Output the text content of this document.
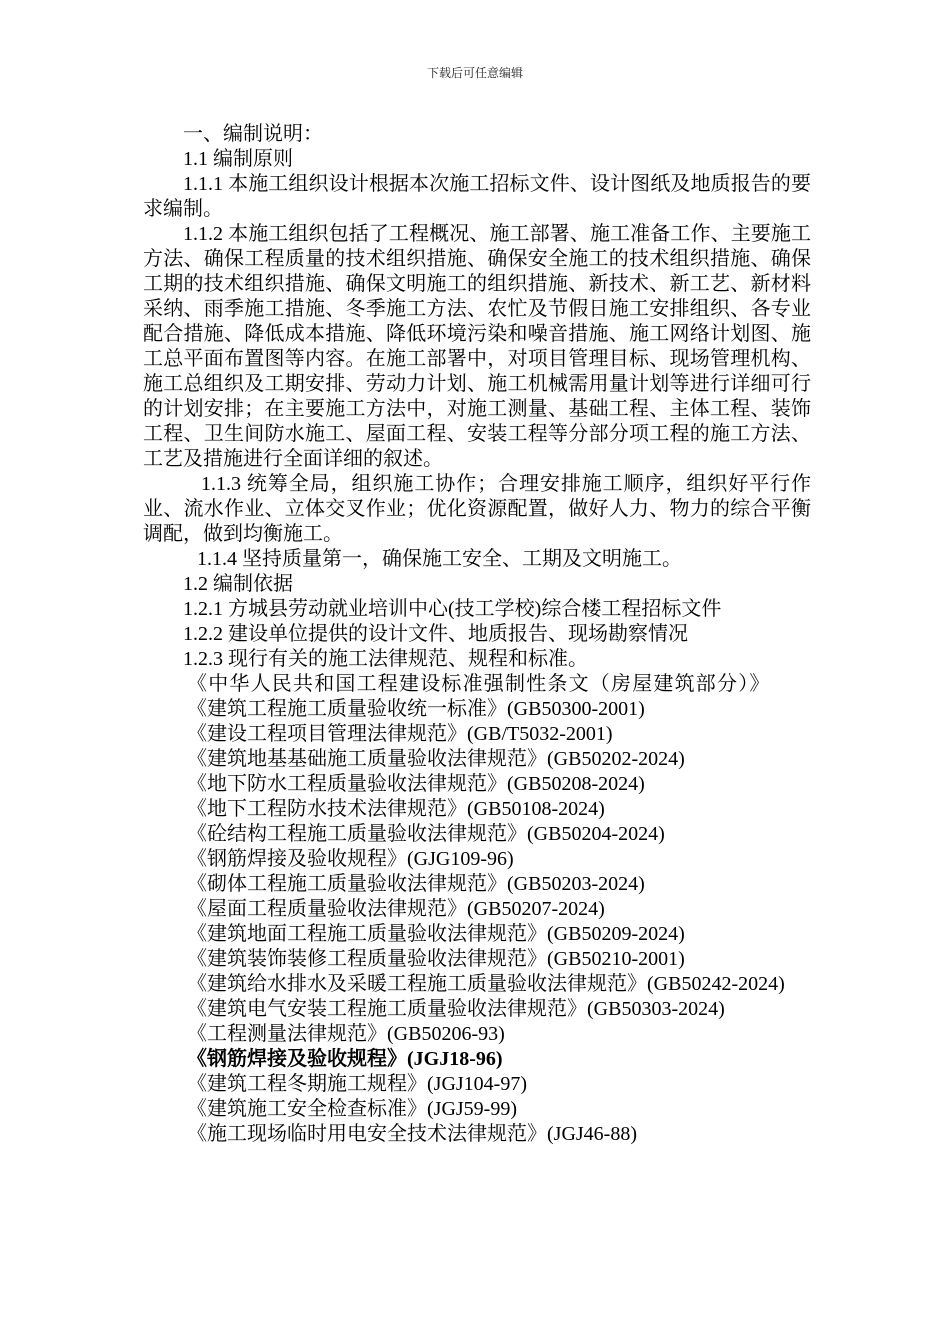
下载后可任意编辑

一、编制说明：

1.1 编制原则

1.1.1 本施工组织设计根据本次施工招标文件、设计图纸及地质报告的要求编制。

1.1.2 本施工组织包括了工程概况、施工部署、施工准备工作、主要施工方法、确保工程质量的技术组织措施、确保安全施工的技术组织措施、确保工期的技术组织措施、确保文明施工的组织措施、新技术、新工艺、新材料采纳、雨季施工措施、冬季施工方法、农忙及节假日施工安排组织、各专业配合措施、降低成本措施、降低环境污染和噪音措施、施工网络计划图、施工总平面布置图等内容。在施工部署中，对项目管理目标、现场管理机构、施工总组织及工期安排、劳动力计划、施工机械需用量计划等进行详细可行的计划安排；在主要施工方法中，对施工测量、基础工程、主体工程、装饰工程、卫生间防水施工、屋面工程、安装工程等分部分项工程的施工方法、工艺及措施进行全面详细的叙述。

1.1.3 统筹全局，组织施工协作；合理安排施工顺序，组织好平行作业、流水作业、立体交叉作业；优化资源配置，做好人力、物力的综合平衡调配，做到均衡施工。

1.1.4 坚持质量第一，确保施工安全、工期及文明施工。

1.2 编制依据

1.2.1 方城县劳动就业培训中心(技工学校)综合楼工程招标文件

1.2.2 建设单位提供的设计文件、地质报告、现场勘察情况

1.2.3 现行有关的施工法律规范、规程和标准。

《中华人民共和国工程建设标准强制性条文（房屋建筑部分）》

《建筑工程施工质量验收统一标准》(GB50300-2001)

《建设工程项目管理法律规范》(GB/T5032-2001)

《建筑地基基础施工质量验收法律规范》(GB50202-2024)

《地下防水工程质量验收法律规范》(GB50208-2024)

《地下工程防水技术法律规范》(GB50108-2024)

《砼结构工程施工质量验收法律规范》(GB50204-2024)

《钢筋焊接及验收规程》(GJG109-96)

《砌体工程施工质量验收法律规范》(GB50203-2024)

《屋面工程质量验收法律规范》(GB50207-2024)

《建筑地面工程施工质量验收法律规范》(GB50209-2024)

《建筑装饰装修工程质量验收法律规范》(GB50210-2001)

《建筑给水排水及采暖工程施工质量验收法律规范》(GB50242-2024)

《建筑电气安装工程施工质量验收法律规范》(GB50303-2024)

《工程测量法律规范》(GB50206-93)

《钢筋焊接及验收规程》(JGJ18-96)

《建筑工程冬期施工规程》(JGJ104-97)

《建筑施工安全检查标准》(JGJ59-99)

《施工现场临时用电安全技术法律规范》(JGJ46-88)
